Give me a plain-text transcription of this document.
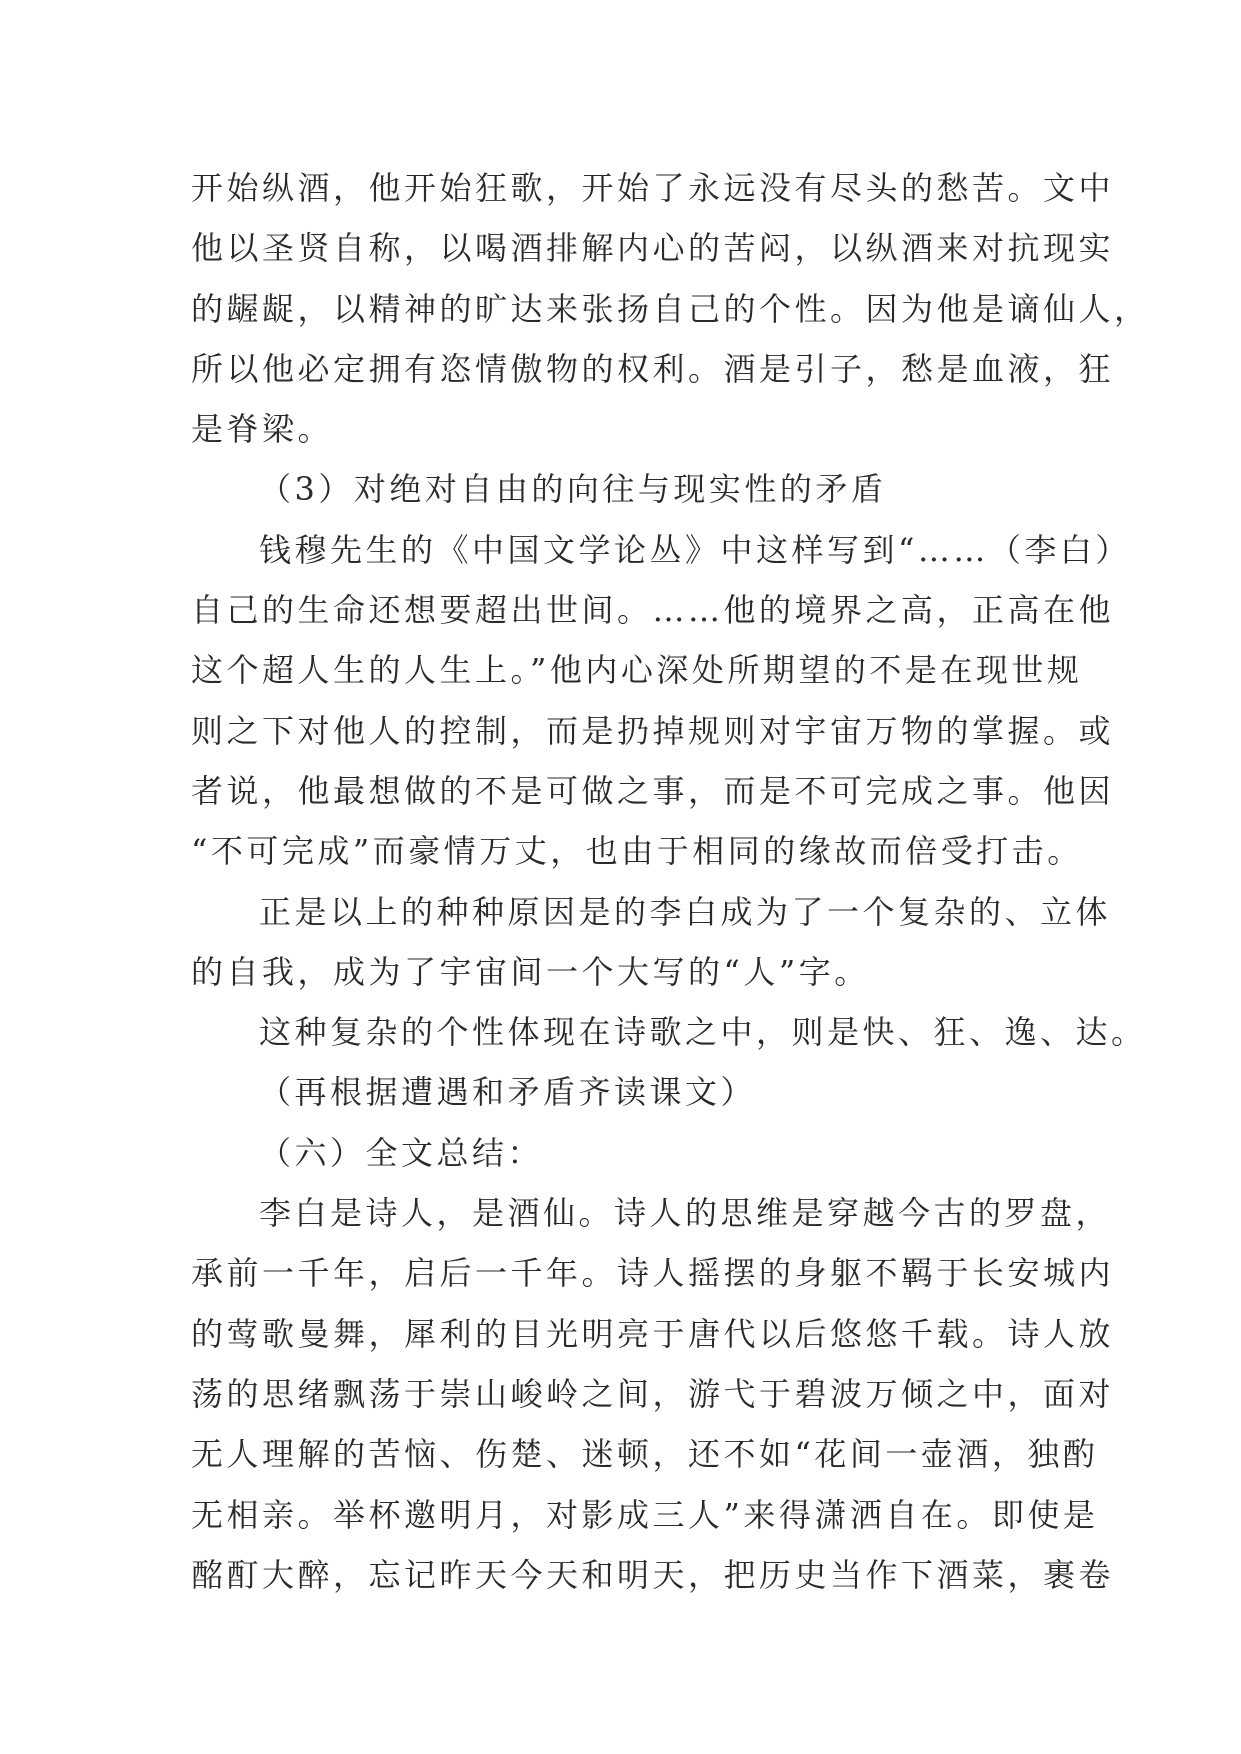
开始纵酒，他开始狂歌，开始了永远没有尽头的愁苦。文中
他以圣贤自称，以喝酒排解内心的苦闷，以纵酒来对抗现实
的龌龊，以精神的旷达来张扬自己的个性。因为他是谪仙人，
所以他必定拥有恣情傲物的权利。酒是引子，愁是血液，狂
是脊梁。
（3）对绝对自由的向往与现实性的矛盾
钱穆先生的《中国文学论丛》中这样写到“……（李白）
自己的生命还想要超出世间。……他的境界之高，正高在他
这个超人生的人生上。”他内心深处所期望的不是在现世规
则之下对他人的控制，而是扔掉规则对宇宙万物的掌握。或
者说，他最想做的不是可做之事，而是不可完成之事。他因
“不可完成”而豪情万丈，也由于相同的缘故而倍受打击。
正是以上的种种原因是的李白成为了一个复杂的、立体
的自我，成为了宇宙间一个大写的“人”字。
这种复杂的个性体现在诗歌之中，则是快、狂、逸、达。
（再根据遭遇和矛盾齐读课文）
（六）全文总结：
李白是诗人，是酒仙。诗人的思维是穿越今古的罗盘，
承前一千年，启后一千年。诗人摇摆的身躯不羁于长安城内
的莺歌曼舞，犀利的目光明亮于唐代以后悠悠千载。诗人放
荡的思绪飘荡于崇山峻岭之间，游弋于碧波万倾之中，面对
无人理解的苦恼、伤楚、迷顿，还不如“花间一壶酒，独酌
无相亲。举杯邀明月，对影成三人”来得潇洒自在。即使是
酩酊大醉，忘记昨天今天和明天，把历史当作下酒菜，裹卷
